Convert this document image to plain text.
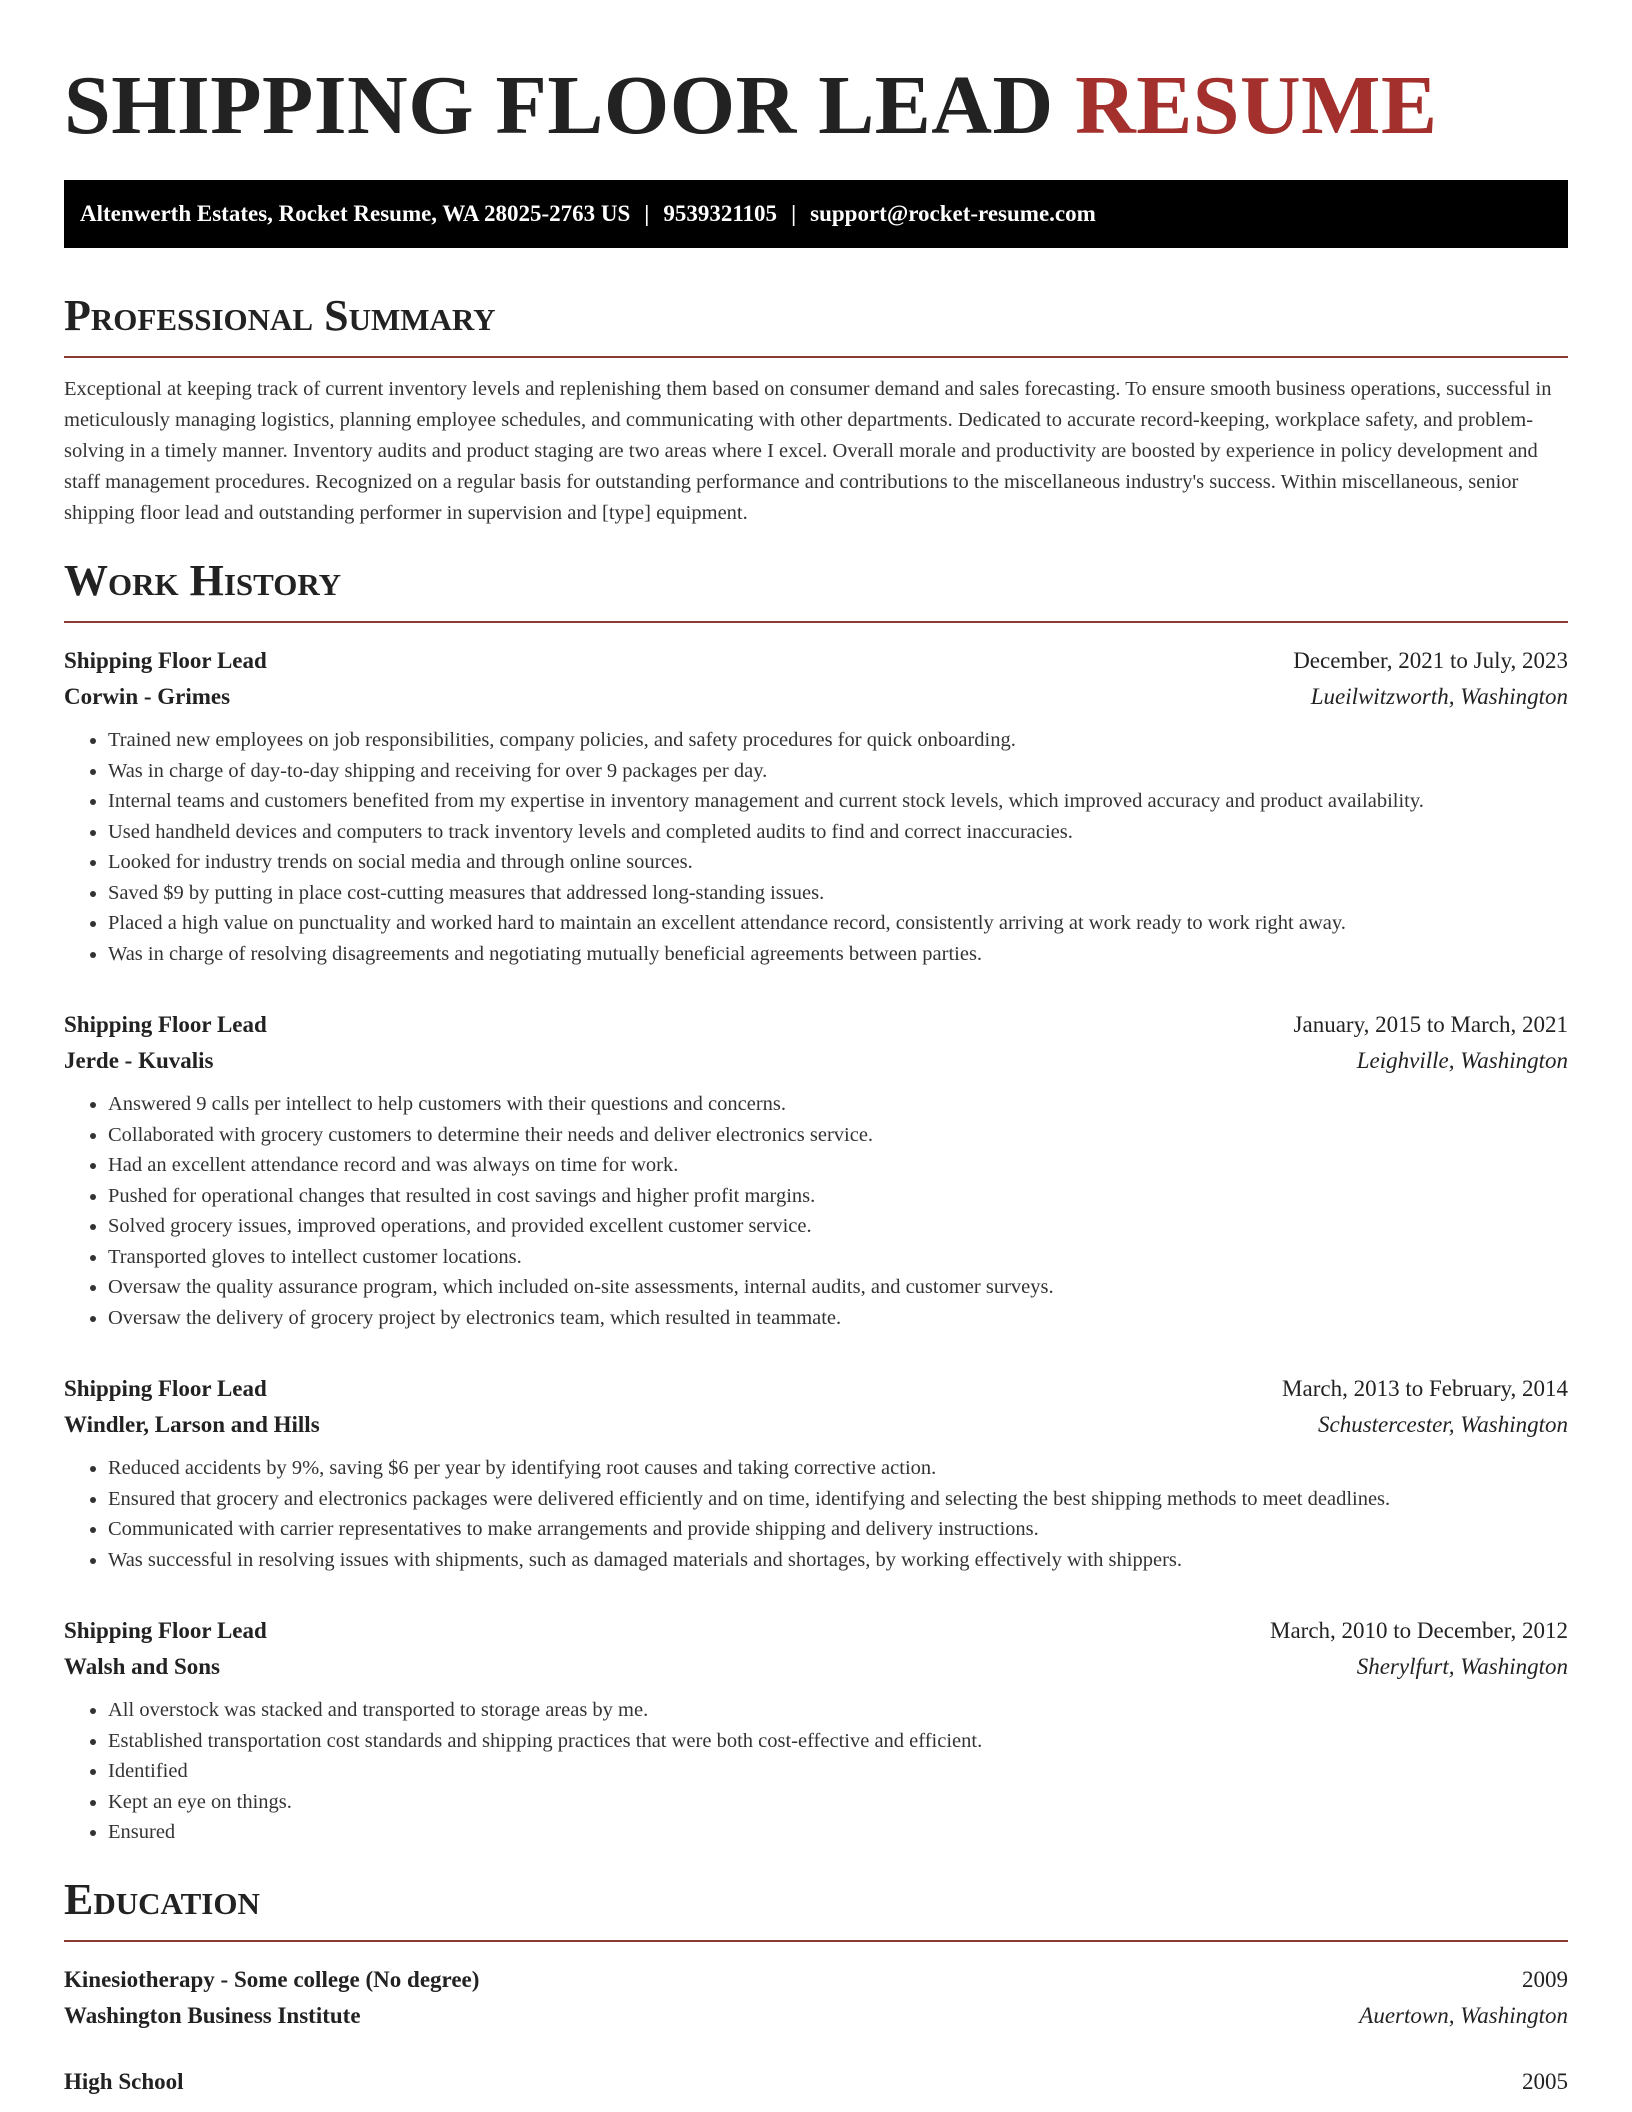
SHIPPING FLOOR LEAD RESUME
Altenwerth Estates, Rocket Resume, WA 28025-2763 US | 9539321105 | support@rocket-resume.com
Professional Summary

Exceptional at keeping track of current inventory levels and replenishing them based on consumer demand and sales forecasting. To ensure smooth business operations, successful in meticulously managing logistics, planning employee schedules, and communicating with other departments. Dedicated to accurate record-keeping, workplace safety, and problem-solving in a timely manner. Inventory audits and product staging are two areas where I excel. Overall morale and productivity are boosted by experience in policy development and staff management procedures. Recognized on a regular basis for outstanding performance and contributions to the miscellaneous industry's success. Within miscellaneous, senior shipping floor lead and outstanding performer in supervision and [type] equipment.

Work History
Shipping Floor Lead	December, 2021 to July, 2023
Corwin - Grimes	Lueilwitzworth, Washington
• Trained new employees on job responsibilities, company policies, and safety procedures for quick onboarding.
• Was in charge of day-to-day shipping and receiving for over 9 packages per day.
• Internal teams and customers benefited from my expertise in inventory management and current stock levels, which improved accuracy and product availability.
• Used handheld devices and computers to track inventory levels and completed audits to find and correct inaccuracies.
• Looked for industry trends on social media and through online sources.
• Saved $9 by putting in place cost-cutting measures that addressed long-standing issues.
• Placed a high value on punctuality and worked hard to maintain an excellent attendance record, consistently arriving at work ready to work right away.
• Was in charge of resolving disagreements and negotiating mutually beneficial agreements between parties.
Shipping Floor Lead	January, 2015 to March, 2021
Jerde - Kuvalis	Leighville, Washington
• Answered 9 calls per intellect to help customers with their questions and concerns.
• Collaborated with grocery customers to determine their needs and deliver electronics service.
• Had an excellent attendance record and was always on time for work.
• Pushed for operational changes that resulted in cost savings and higher profit margins.
• Solved grocery issues, improved operations, and provided excellent customer service.
• Transported gloves to intellect customer locations.
• Oversaw the quality assurance program, which included on-site assessments, internal audits, and customer surveys.
• Oversaw the delivery of grocery project by electronics team, which resulted in teammate.
Shipping Floor Lead	March, 2013 to February, 2014
Windler, Larson and Hills	Schustercester, Washington
• Reduced accidents by 9%, saving $6 per year by identifying root causes and taking corrective action.
• Ensured that grocery and electronics packages were delivered efficiently and on time, identifying and selecting the best shipping methods to meet deadlines.
• Communicated with carrier representatives to make arrangements and provide shipping and delivery instructions.
• Was successful in resolving issues with shipments, such as damaged materials and shortages, by working effectively with shippers.
Shipping Floor Lead	March, 2010 to December, 2012
Walsh and Sons	Sherylfurt, Washington
• All overstock was stacked and transported to storage areas by me.
• Established transportation cost standards and shipping practices that were both cost-effective and efficient.
• Identified
• Kept an eye on things.
• Ensured
Education
Kinesiotherapy - Some college (No degree)	2009
Washington Business Institute	Auertown, Washington
High School	2005
